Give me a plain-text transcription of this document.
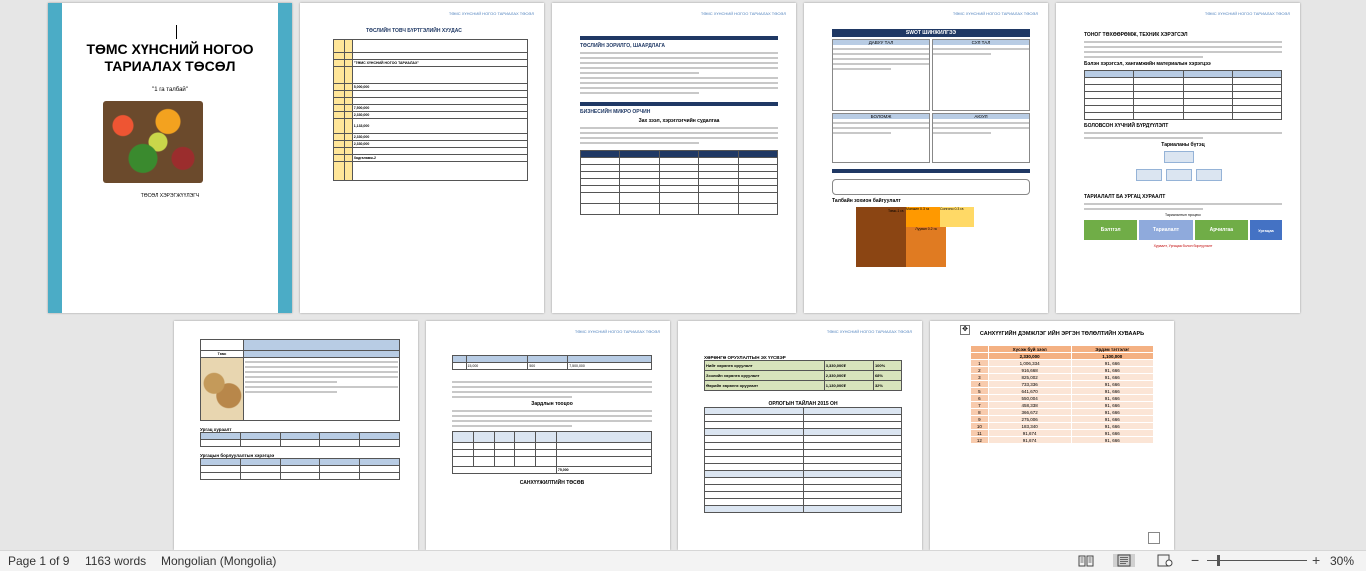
ТӨМС ХҮНСНИЙ НОГОО ТАРИАЛАХ ТӨСӨЛ
"1 га талбай"
ТӨСӨЛ ХЭРЭГЖҮҮЛЭГЧ
ТӨМС ХҮНСНИЙ НОГОО ТАРИАЛАХ ТӨСӨЛ
ТӨСЛИЙН ТОВЧ БҮРТГЭЛИЙН ХУУДАС

		"ТӨМС ХҮНСНИЙ НОГОО ТАРИАЛАХ"

		5,000,000

		7,500,000
		2,330,000
		1,133,000
		2,330,000
		2,330,000

		Хадгаламж-2

ТӨМС ХҮНСНИЙ НОГОО ТАРИАЛАХ ТӨСӨЛ
ТӨСЛИЙН ЗОРИЛГО, ШААРДЛАГА
БИЗНЕСИЙН МИКРО ОРЧИН
Зах зээл, хэрэглэгчийн судалгаа

ТӨМС ХҮНСНИЙ НОГОО ТАРИАЛАХ ТӨСӨЛ
SWOT ШИНЖИЛГЭЭ
ДАВУУ ТАЛ	СУЛ ТАЛ
БОЛОМЖ	АЮУЛ
Талбайн зохион байгуулалт
Төмс-1 га Манжин 0.3 га	Сонгино 0.3 га
Лууван 0.2 га
ТӨМС ХҮНСНИЙ НОГОО ТАРИАЛАХ ТӨСӨЛ
ТОНОГ ТӨХӨӨРӨМЖ, ТЕХНИК ХЭРЭГСЭЛ
Бэлэн хэрэгсэл, хангамжийн материалын хэрэгцээ

БОЛОВСОН ХҮЧНИЙ БҮРДҮҮЛЭЛТ
Тариаланы бүтэц
ТАРИАЛАЛТ БА УРГАЦ ХУРААЛТ
Тариалалтын процесс
Бэлтгэл	Тариалалт	Арчилгаа	Ургацаа
Хураалт, Ургацаа болон борлуулалт

Төмс	

Ургац хураалт

Ургацын борлуулалтын хэрэгцээ

ТӨМС ХҮНСНИЙ НОГОО ТАРИАЛАХ ТӨСӨЛ

	15,000	500	7,500,000
Зардлын тооцоо

					75,000
САНХҮҮЖИЛТИЙН ТӨСӨВ
ТӨМС ХҮНСНИЙ НОГОО ТАРИАЛАХ ТӨСӨЛ
ХӨРӨНГӨ ОРУУЛАЛТЫН ЭХ ҮҮСВЭР
Нийт хөрөнгө оруулалт	3,330,000₮	100%
Зээлийн хөрөнгө оруулалт	2,330,000₮	68%
Өөрийн хөрөнгө оруулалт	1,130,000₮	32%
ОРЛОГЫН ТАЙЛАН 2015 ОН

✥
САНХҮҮГИЙН ДЭМЖЛЭГ ИЙН ЭРГЭН ТӨЛӨЛТИЙН ХУВААРЬ
	Хүсэж буй зээл	Эрдэм тэтгэлэг
	2,330,000	1,100,000
1	1,006,334	91, 666
2	916,668	91, 666
3	825,002	91, 666
4	733,336	91, 666
5	641,670	91, 666
6	550,004	91, 666
7	458,338	91, 666
8	366,672	91, 666
9	275,006	91, 666
10	183,340	91, 666
11	91,674	91, 666
12	91,674	91, 666
Page 1 of 9 1163 words Mongolian (Mongolia)	−	+ 30%
